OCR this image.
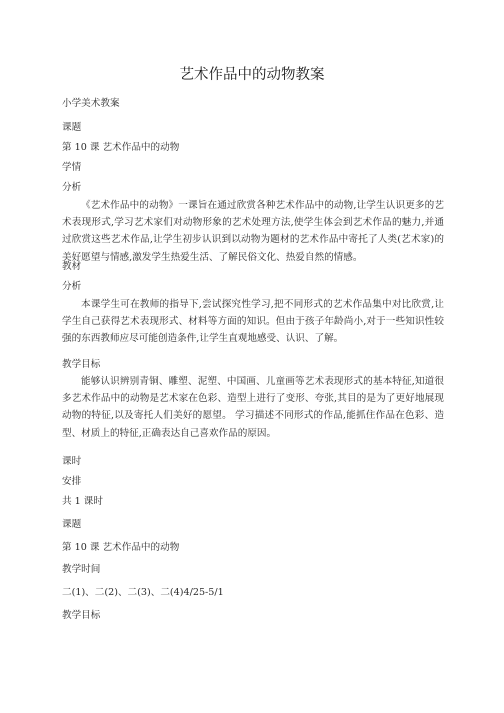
艺术作品中的动物教案
小学美术教案
课题
第 10 课 艺术作品中的动物
学情
分析
《艺术作品中的动物》一课旨在通过欣赏各种艺术作品中的动物,让学生认识更多的艺术表现形式,学习艺术家们对动物形象的艺术处理方法,使学生体会到艺术作品的魅力,并通过欣赏这些艺术作品,让学生初步认识到以动物为题材的艺术作品中寄托了人类(艺术家)的美好愿望与情感,激发学生热爱生活、了解民俗文化、热爱自然的情感。
教材
分析
本课学生可在教师的指导下,尝试探究性学习,把不同形式的艺术作品集中对比欣赏,让学生自己获得艺术表现形式、材料等方面的知识。但由于孩子年龄尚小,对于一些知识性较强的东西教师应尽可能创造条件,让学生直观地感受、认识、了解。
教学目标
能够认识辨别青铜、雕塑、泥塑、中国画、儿童画等艺术表现形式的基本特征,知道很多艺术作品中的动物是艺术家在色彩、造型上进行了变形、夸张,其目的是为了更好地展现动物的特征,以及寄托人们美好的愿望。 学习描述不同形式的作品,能抓住作品在色彩、造型、材质上的特征,正确表达自己喜欢作品的原因。
课时
安排
共 1 课时
课题
第 10 课 艺术作品中的动物
教学时间
二(1)、二(2)、二(3)、二(4)4/25-5/1
教学目标
